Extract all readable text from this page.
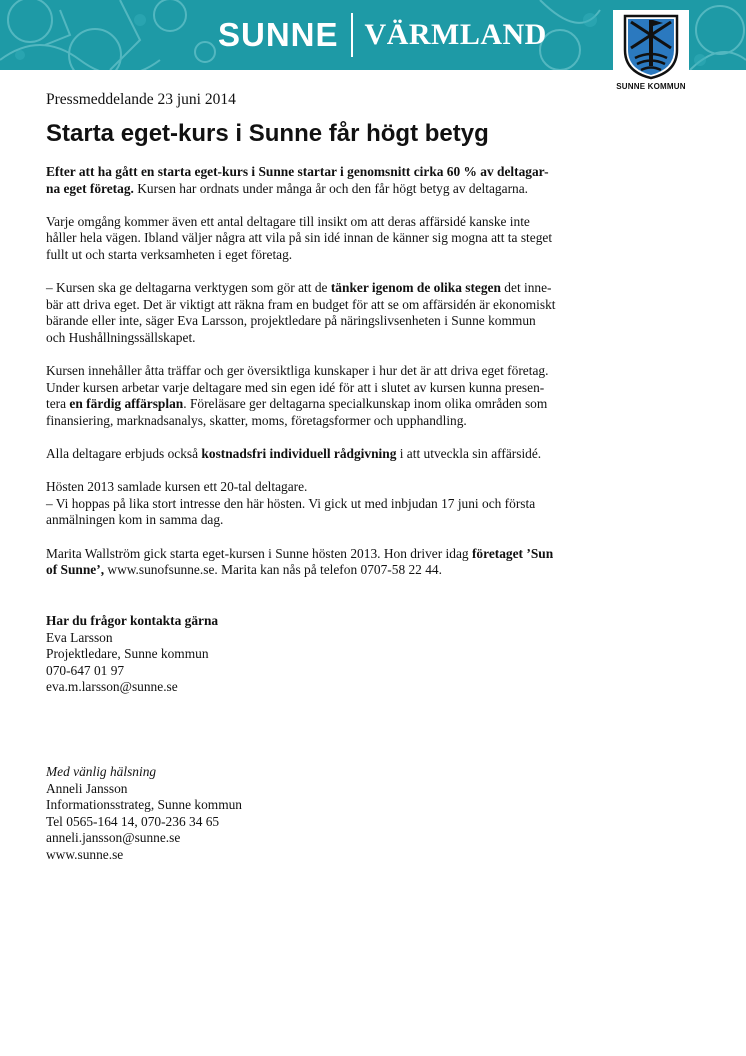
SUNNE VÄRMLAND
SUNNE KOMMUN
Pressmeddelande 23 juni 2014
Starta eget-kurs i Sunne får högt betyg

Efter att ha gått en starta eget-kurs i Sunne startar i genomsnitt cirka 60 % av deltagar-
na eget företag. Kursen har ordnats under många år och den får högt betyg av deltagarna.

Varje omgång kommer även ett antal deltagare till insikt om att deras affärsidé kanske inte
håller hela vägen. Ibland väljer några att vila på sin idé innan de känner sig mogna att ta steget
fullt ut och starta verksamheten i eget företag.

– Kursen ska ge deltagarna verktygen som gör att de tänker igenom de olika stegen det inne-
bär att driva eget. Det är viktigt att räkna fram en budget för att se om affärsidén är ekonomiskt
bärande eller inte, säger Eva Larsson, projektledare på näringslivsenheten i Sunne kommun
och Hushållningssällskapet.

Kursen innehåller åtta träffar och ger översiktliga kunskaper i hur det är att driva eget företag.
Under kursen arbetar varje deltagare med sin egen idé för att i slutet av kursen kunna presen-
tera en färdig affärsplan. Föreläsare ger deltagarna specialkunskap inom olika områden som
finansiering, marknadsanalys, skatter, moms, företagsformer och upphandling.

Alla deltagare erbjuds också kostnadsfri individuell rådgivning i att utveckla sin affärsidé.

Hösten 2013 samlade kursen ett 20-tal deltagare.
– Vi hoppas på lika stort intresse den här hösten. Vi gick ut med inbjudan 17 juni och första
anmälningen kom in samma dag.

Marita Wallström gick starta eget-kursen i Sunne hösten 2013. Hon driver idag företaget ’Sun
of Sunne’, www.sunofsunne.se. Marita kan nås på telefon 0707-58 22 44.

Har du frågor kontakta gärna
Eva Larsson
Projektledare, Sunne kommun
070-647 01 97
eva.m.larsson@sunne.se
Med vänlig hälsning
Anneli Jansson
Informationsstrateg, Sunne kommun
Tel 0565-164 14, 070-236 34 65
anneli.jansson@sunne.se
www.sunne.se
